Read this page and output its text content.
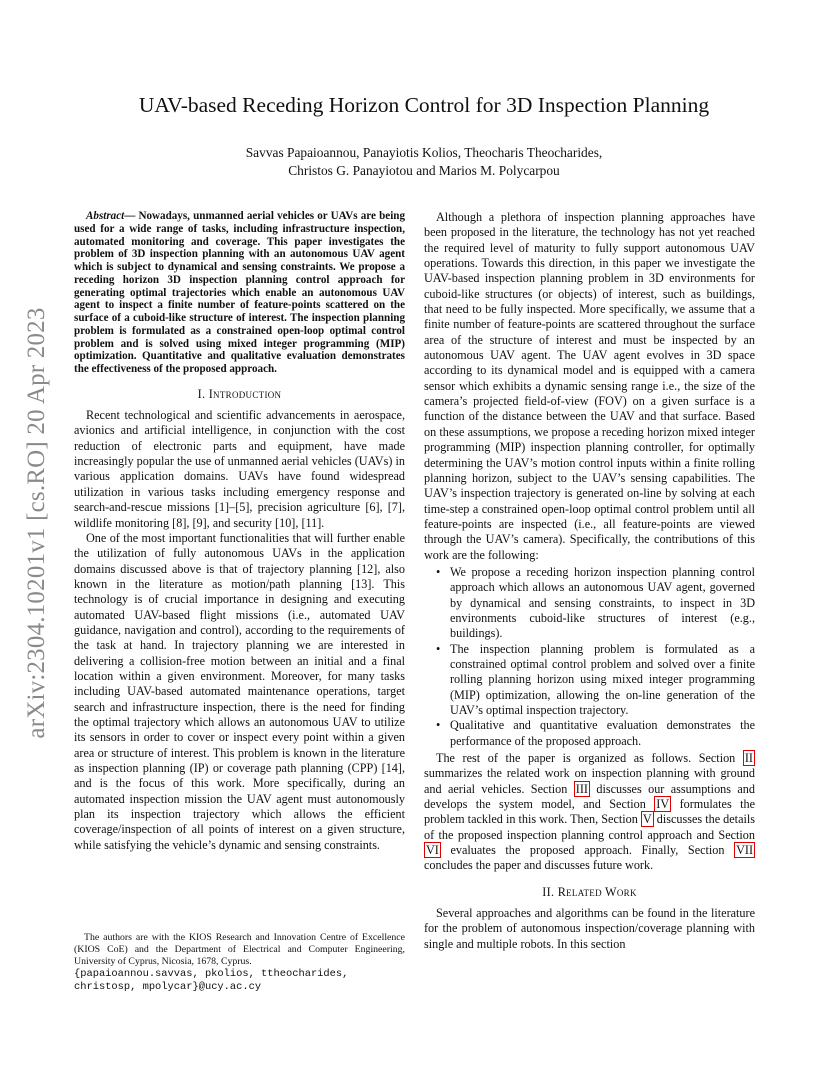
arXiv:2304.10201v1 [cs.RO] 20 Apr 2023
UAV-based Receding Horizon Control for 3D Inspection Planning
Savvas Papaioannou, Panayiotis Kolios, Theocharis Theocharides,
Christos G. Panayiotou and Marios M. Polycarpou

Abstract— Nowadays, unmanned aerial vehicles or UAVs are being used for a wide range of tasks, including infrastructure inspection, automated monitoring and coverage. This paper investigates the problem of 3D inspection planning with an autonomous UAV agent which is subject to dynamical and sensing constraints. We propose a receding horizon 3D inspection planning control approach for generating optimal trajectories which enable an autonomous UAV agent to inspect a finite number of feature-points scattered on the surface of a cuboid-like structure of interest. The inspection planning problem is formulated as a constrained open-loop optimal control problem and is solved using mixed integer programming (MIP) optimization. Quantitative and qualitative evaluation demonstrates the effectiveness of the proposed approach.

I. Introduction

Recent technological and scientific advancements in aerospace, avionics and artificial intelligence, in conjunction with the cost reduction of electronic parts and equipment, have made increasingly popular the use of unmanned aerial vehicles (UAVs) in various application domains. UAVs have found widespread utilization in various tasks including emergency response and search-and-rescue missions [1]–[5], precision agriculture [6], [7], wildlife monitoring [8], [9], and security [10], [11].

One of the most important functionalities that will further enable the utilization of fully autonomous UAVs in the application domains discussed above is that of trajectory planning [12], also known in the literature as motion/path planning [13]. This technology is of crucial importance in designing and executing automated UAV-based flight missions (i.e., automated UAV guidance, navigation and control), according to the requirements of the task at hand. In trajectory planning we are interested in delivering a collision-free motion between an initial and a final location within a given environment. Moreover, for many tasks including UAV-based automated maintenance operations, target search and infrastructure inspection, there is the need for finding the optimal trajectory which allows an autonomous UAV to utilize its sensors in order to cover or inspect every point within a given area or structure of interest. This problem is known in the literature as inspection planning (IP) or coverage path planning (CPP) [14], and is the focus of this work. More specifically, during an automated inspection mission the UAV agent must autonomously plan its inspection trajectory which allows the efficient coverage/inspection of all points of interest on a given structure, while satisfying the vehicle’s dynamic and sensing constraints.

The authors are with the KIOS Research and Innovation Centre of Excellence (KIOS CoE) and the Department of Electrical and Computer Engineering, University of Cyprus, Nicosia, 1678, Cyprus.

{papaioannou.savvas, pkolios, ttheocharides,
christosp, mpolycar}@ucy.ac.cy

Although a plethora of inspection planning approaches have been proposed in the literature, the technology has not yet reached the required level of maturity to fully support autonomous UAV operations. Towards this direction, in this paper we investigate the UAV-based inspection planning problem in 3D environments for cuboid-like structures (or objects) of interest, such as buildings, that need to be fully inspected. More specifically, we assume that a finite number of feature-points are scattered throughout the surface area of the structure of interest and must be inspected by an autonomous UAV agent. The UAV agent evolves in 3D space according to its dynamical model and is equipped with a camera sensor which exhibits a dynamic sensing range i.e., the size of the camera’s projected field-of-view (FOV) on a given surface is a function of the distance between the UAV and that surface. Based on these assumptions, we propose a receding horizon mixed integer programming (MIP) inspection planning controller, for optimally determining the UAV’s motion control inputs within a finite rolling planning horizon, subject to the UAV’s sensing capabilities. The UAV’s inspection trajectory is generated on-line by solving at each time-step a constrained open-loop optimal control problem until all feature-points are inspected (i.e., all feature-points are viewed through the UAV’s camera). Specifically, the contributions of this work are the following:

• We propose a receding horizon inspection planning control approach which allows an autonomous UAV agent, governed by dynamical and sensing constraints, to inspect in 3D environments cuboid-like structures of interest (e.g., buildings).
• The inspection planning problem is formulated as a constrained optimal control problem and solved over a finite rolling planning horizon using mixed integer programming (MIP) optimization, allowing the on-line generation of the UAV’s optimal inspection trajectory.
• Qualitative and quantitative evaluation demonstrates the performance of the proposed approach.

The rest of the paper is organized as follows. Section II summarizes the related work on inspection planning with ground and aerial vehicles. Section III discusses our assumptions and develops the system model, and Section IV formulates the problem tackled in this work. Then, Section V discusses the details of the proposed inspection planning control approach and Section VI evaluates the proposed approach. Finally, Section VII concludes the paper and discusses future work.

II. Related Work

Several approaches and algorithms can be found in the literature for the problem of autonomous inspection/coverage planning with single and multiple robots. In this section
